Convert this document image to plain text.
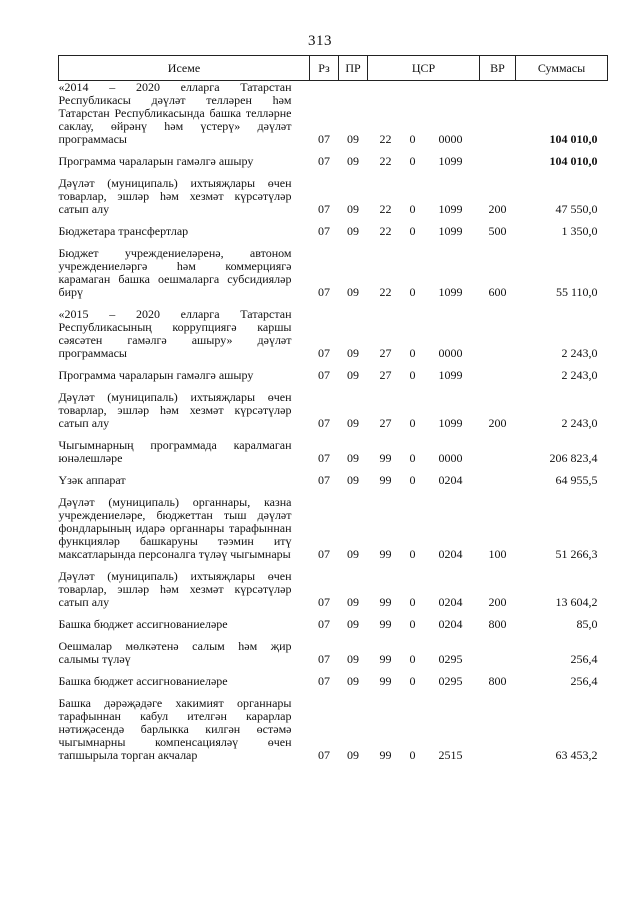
313
Исеме	Рз	ПР	ЦСР			ВР	Суммасы
«2014 – 2020 елларга Татарстан Республикасы дәүләт телләрен һәм Татарстан Республикасында башка телләрне саклау, өйрәнү һәм үстерү» дәүләт программасы	07	09	22	0	0000		104 010,0
Программа чараларын гамәлгә ашыру	07	09	22	0	1099		104 010,0
Дәүләт (муниципаль) ихтыяҗлары өчен товарлар, эшләр һәм хезмәт күрсәтүләр сатып алу	07	09	22	0	1099	200	47 550,0
Бюджетара трансфертлар	07	09	22	0	1099	500	1 350,0
Бюджет учреждениеләренә, автоном учреждениеләргә һәм коммерциягә карамаган башка оешмаларга субсидияләр бирү	07	09	22	0	1099	600	55 110,0
«2015 – 2020 елларга Татарстан Республикасының коррупциягә каршы сәясәтен гамәлгә ашыру» дәүләт программасы	07	09	27	0	0000		2 243,0
Программа чараларын гамәлгә ашыру	07	09	27	0	1099		2 243,0
Дәүләт (муниципаль) ихтыяҗлары өчен товарлар, эшләр һәм хезмәт күрсәтүләр сатып алу	07	09	27	0	1099	200	2 243,0
Чыгымнарның программада каралмаган юнәлешләре	07	09	99	0	0000		206 823,4
Үзәк аппарат	07	09	99	0	0204		64 955,5
Дәүләт (муниципаль) органнары, казна учреждениеләре, бюджеттан тыш дәүләт фондларының идарә органнары тарафыннан функцияләр башкаруны тәэмин итү максатларында персоналга түләү чыгымнары	07	09	99	0	0204	100	51 266,3
Дәүләт (муниципаль) ихтыяҗлары өчен товарлар, эшләр һәм хезмәт күрсәтүләр сатып алу	07	09	99	0	0204	200	13 604,2
Башка бюджет ассигнованиеләре	07	09	99	0	0204	800	85,0
Оешмалар мөлкәтенә салым һәм җир салымы түләү	07	09	99	0	0295		256,4
Башка бюджет ассигнованиеләре	07	09	99	0	0295	800	256,4
Башка дәрәҗәдәге хакимият органнары тарафыннан кабул ителгән карарлар нәтиҗәсендә барлыкка килгән өстәмә чыгымнарны компенсацияләү өчен тапшырыла торган акчалар	07	09	99	0	2515		63 453,2
